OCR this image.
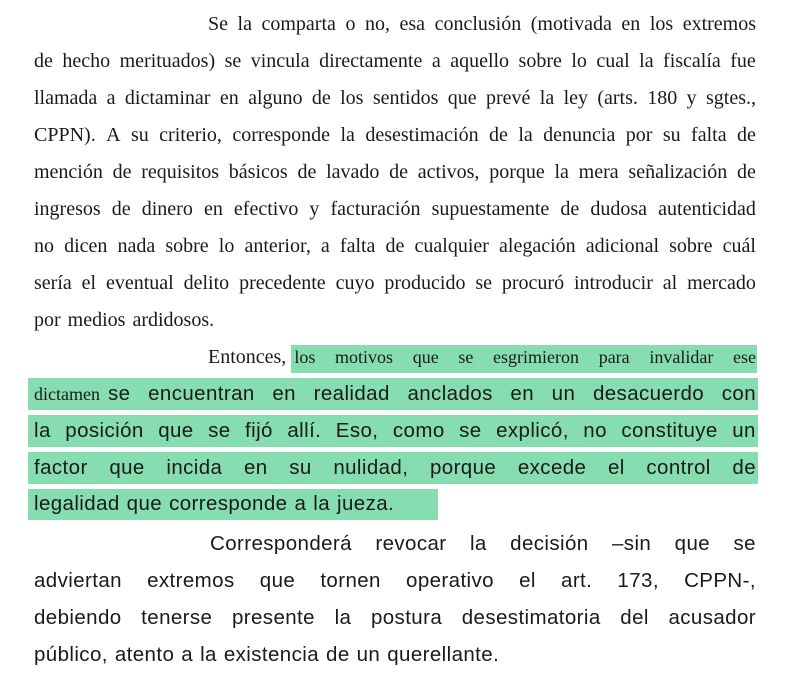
Se la comparta o no, esa conclusión (motivada en los extremos
de hecho merituados) se vincula directamente a aquello sobre lo cual la fiscalía fue
llamada a dictaminar en alguno de los sentidos que prevé la ley (arts. 180 y sgtes.,
CPPN). A su criterio, corresponde la desestimación de la denuncia por su falta de
mención de requisitos básicos de lavado de activos, porque la mera señalización de
ingresos de dinero en efectivo y facturación supuestamente de dudosa autenticidad
no dicen nada sobre lo anterior, a falta de cualquier alegación adicional sobre cuál
sería el eventual delito precedente cuyo producido se procuró introducir al mercado
por medios ardidosos.
Entonces, los motivos que se esgrimieron para invalidar ese
dictamen se encuentran en realidad anclados en un desacuerdo con
la posición que se fijó allí. Eso, como se explicó, no constituye un
factor que incida en su nulidad, porque excede el control de
legalidad que corresponde a la jueza.
Corresponderá revocar la decisión –sin que se
adviertan extremos que tornen operativo el art. 173, CPPN-,
debiendo tenerse presente la postura desestimatoria del acusador
público, atento a la existencia de un querellante.
